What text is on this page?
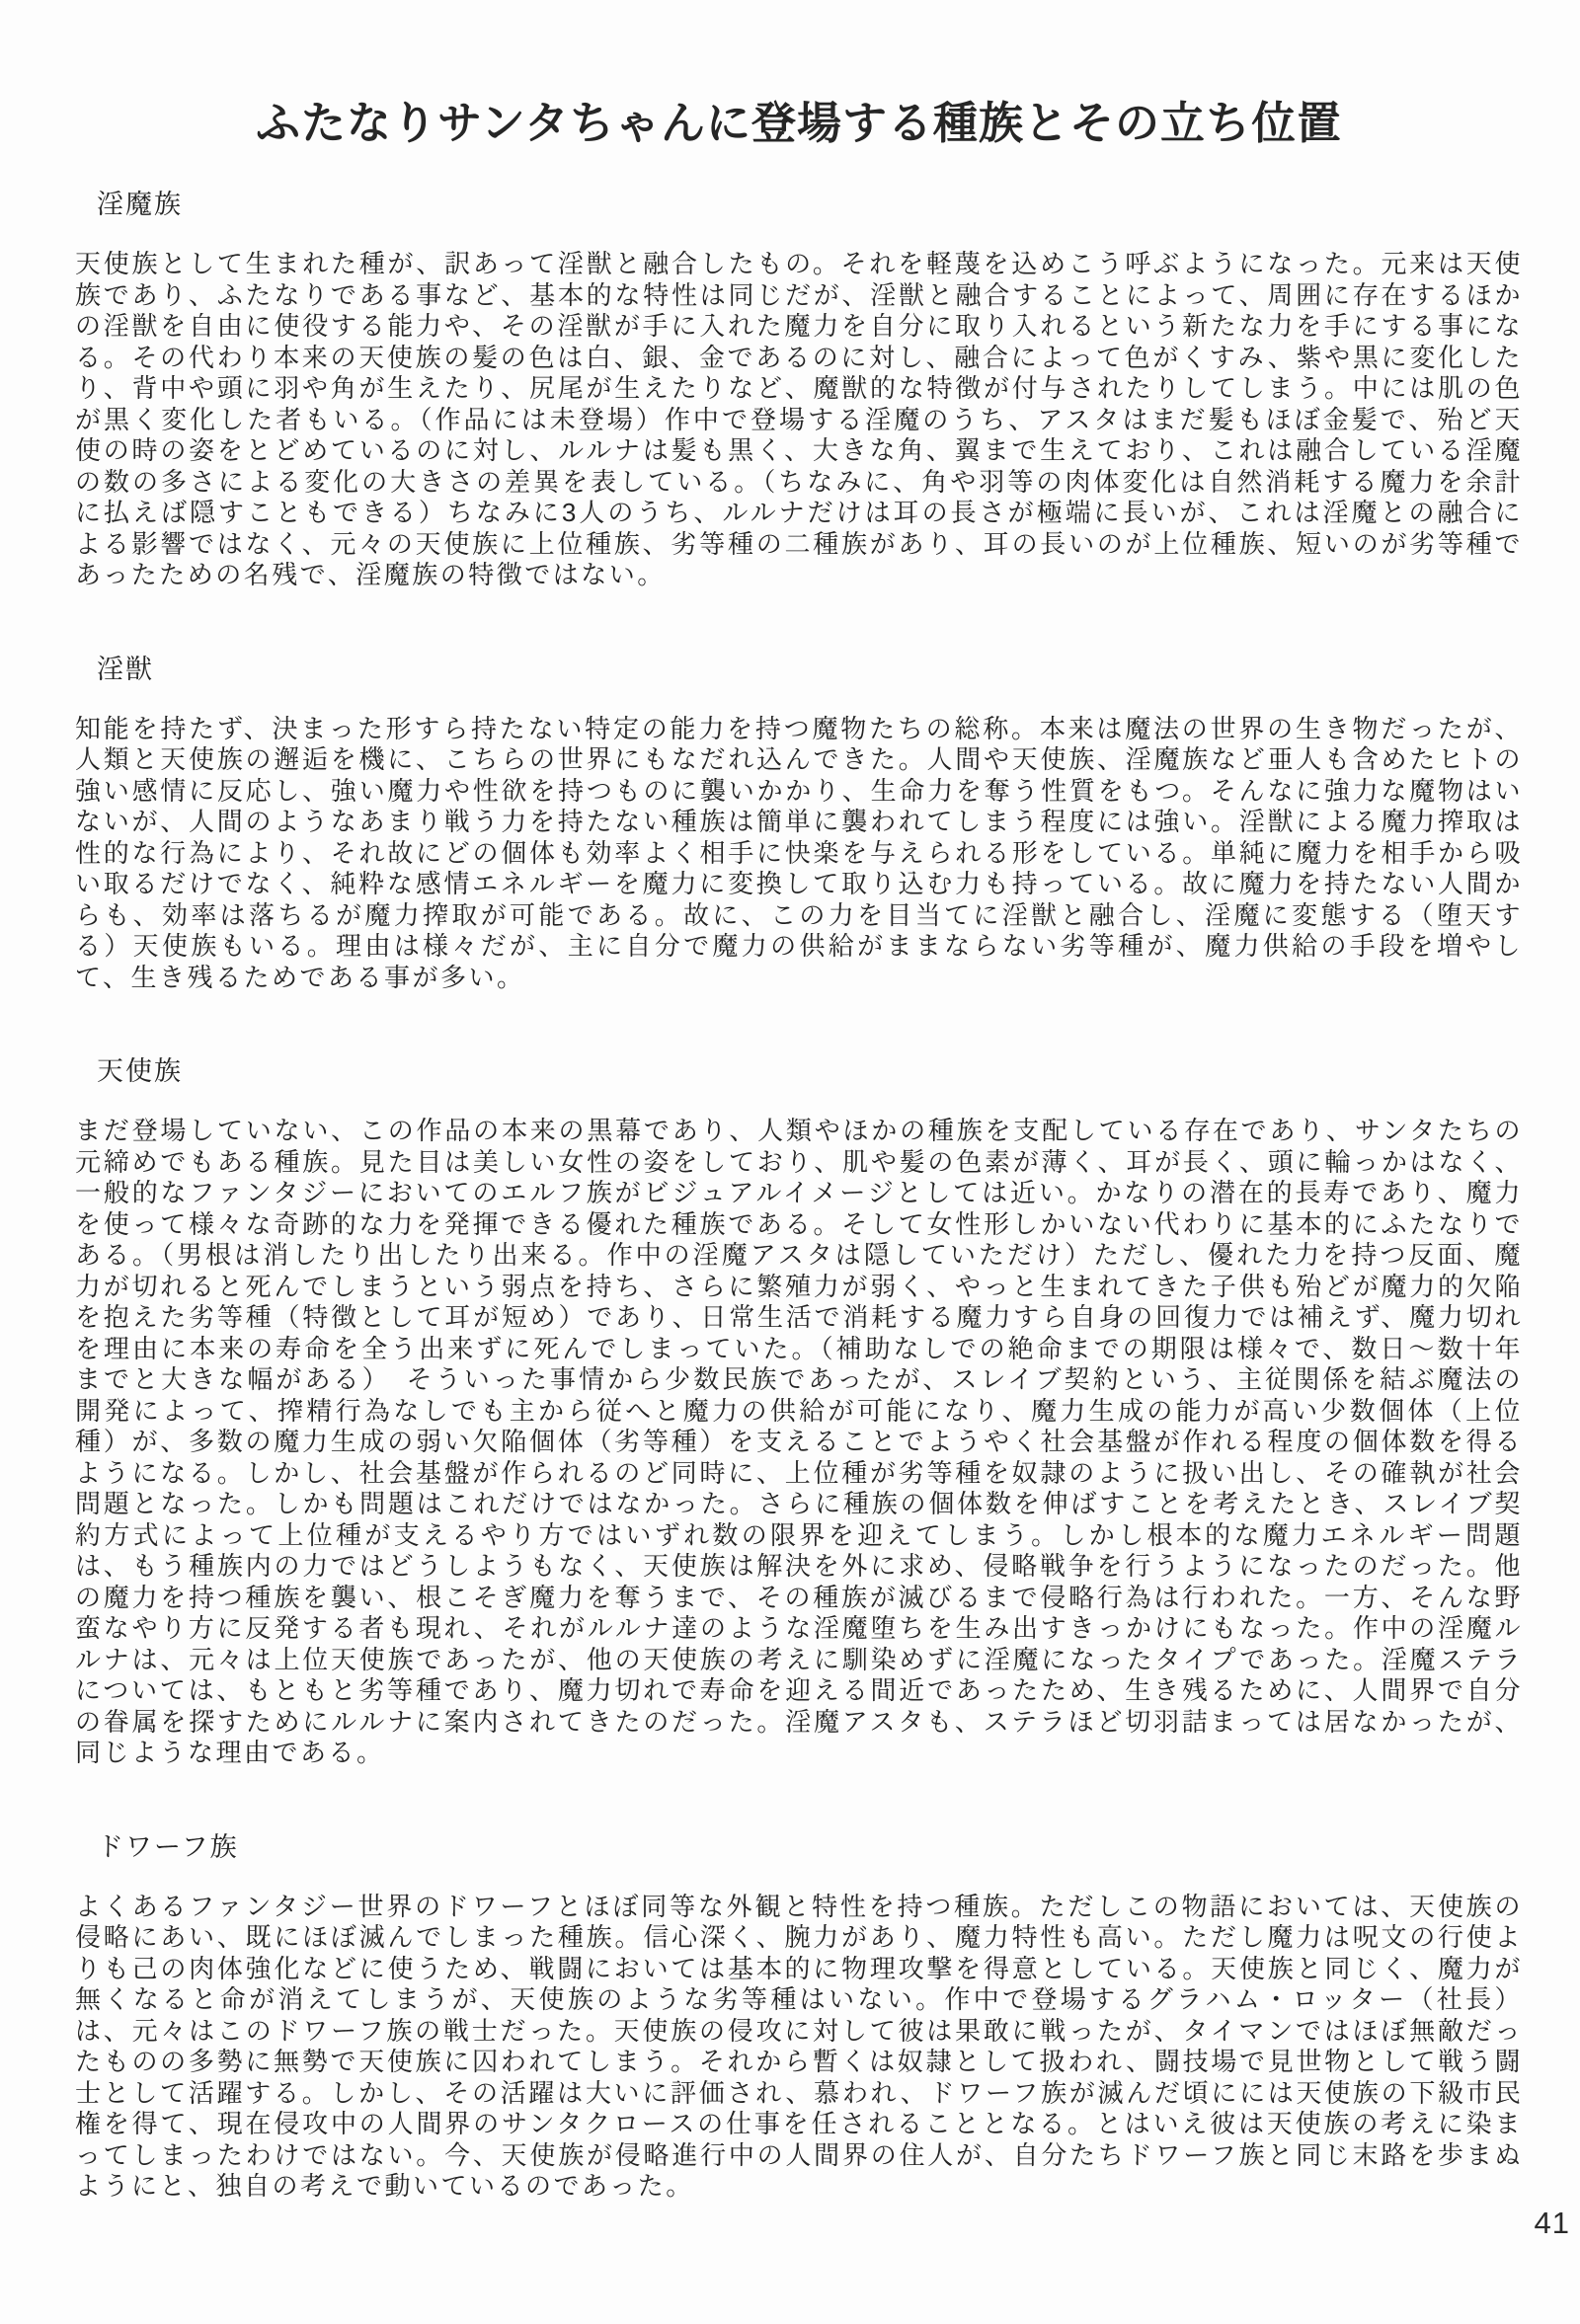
ふたなりサンタちゃんに登場する種族とその立ち位置
淫魔族

天使族として生まれた種が、訳あって淫獣と融合したもの。それを軽蔑を込めこう呼ぶようになった。元来は天使族であり、ふたなりである事など、基本的な特性は同じだが、淫獣と融合することによって、周囲に存在するほかの淫獣を自由に使役する能力や、その淫獣が手に入れた魔力を自分に取り入れるという新たな力を手にする事になる。その代わり本来の天使族の髪の色は白、銀、金であるのに対し、融合によって色がくすみ、紫や黒に変化したり、背中や頭に羽や角が生えたり、尻尾が生えたりなど、魔獣的な特徴が付与されたりしてしまう。中には肌の色が黒く変化した者もいる。（作品には未登場）作中で登場する淫魔のうち、アスタはまだ髪もほぼ金髪で、殆ど天使の時の姿をとどめているのに対し、ルルナは髪も黒く、大きな角、翼まで生えており、これは融合している淫魔の数の多さによる変化の大きさの差異を表している。（ちなみに、角や羽等の肉体変化は自然消耗する魔力を余計に払えば隠すこともできる）ちなみに3人のうち、ルルナだけは耳の長さが極端に長いが、これは淫魔との融合による影響ではなく、元々の天使族に上位種族、劣等種の二種族があり、耳の長いのが上位種族、短いのが劣等種であったための名残で、淫魔族の特徴ではない。

淫獣

知能を持たず、決まった形すら持たない特定の能力を持つ魔物たちの総称。本来は魔法の世界の生き物だったが、人類と天使族の邂逅を機に、こちらの世界にもなだれ込んできた。人間や天使族、淫魔族など亜人も含めたヒトの強い感情に反応し、強い魔力や性欲を持つものに襲いかかり、生命力を奪う性質をもつ。そんなに強力な魔物はいないが、人間のようなあまり戦う力を持たない種族は簡単に襲われてしまう程度には強い。淫獣による魔力搾取は性的な行為により、それ故にどの個体も効率よく相手に快楽を与えられる形をしている。単純に魔力を相手から吸い取るだけでなく、純粋な感情エネルギーを魔力に変換して取り込む力も持っている。故に魔力を持たない人間からも、効率は落ちるが魔力搾取が可能である。故に、この力を目当てに淫獣と融合し、淫魔に変態する（堕天する）天使族もいる。理由は様々だが、主に自分で魔力の供給がままならない劣等種が、魔力供給の手段を増やして、生き残るためである事が多い。

天使族

まだ登場していない、この作品の本来の黒幕であり、人類やほかの種族を支配している存在であり、サンタたちの元締めでもある種族。見た目は美しい女性の姿をしており、肌や髪の色素が薄く、耳が長く、頭に輪っかはなく、一般的なファンタジーにおいてのエルフ族がビジュアルイメージとしては近い。かなりの潜在的長寿であり、魔力を使って様々な奇跡的な力を発揮できる優れた種族である。そして女性形しかいない代わりに基本的にふたなりである。（男根は消したり出したり出来る。作中の淫魔アスタは隠していただけ）ただし、優れた力を持つ反面、魔力が切れると死んでしまうという弱点を持ち、さらに繁殖力が弱く、やっと生まれてきた子供も殆どが魔力的欠陥を抱えた劣等種（特徴として耳が短め）であり、日常生活で消耗する魔力すら自身の回復力では補えず、魔力切れを理由に本来の寿命を全う出来ずに死んでしまっていた。（補助なしでの絶命までの期限は様々で、数日～数十年までと大きな幅がある）　そういった事情から少数民族であったが、スレイブ契約という、主従関係を結ぶ魔法の開発によって、搾精行為なしでも主から従へと魔力の供給が可能になり、魔力生成の能力が高い少数個体（上位種）が、多数の魔力生成の弱い欠陥個体（劣等種）を支えることでようやく社会基盤が作れる程度の個体数を得るようになる。しかし、社会基盤が作られるのど同時に、上位種が劣等種を奴隷のように扱い出し、その確執が社会問題となった。しかも問題はこれだけではなかった。さらに種族の個体数を伸ばすことを考えたとき、スレイブ契約方式によって上位種が支えるやり方ではいずれ数の限界を迎えてしまう。しかし根本的な魔力エネルギー問題は、もう種族内の力ではどうしようもなく、天使族は解決を外に求め、侵略戦争を行うようになったのだった。他の魔力を持つ種族を襲い、根こそぎ魔力を奪うまで、その種族が滅びるまで侵略行為は行われた。一方、そんな野蛮なやり方に反発する者も現れ、それがルルナ達のような淫魔堕ちを生み出すきっかけにもなった。作中の淫魔ルルナは、元々は上位天使族であったが、他の天使族の考えに馴染めずに淫魔になったタイプであった。淫魔ステラについては、もともと劣等種であり、魔力切れで寿命を迎える間近であったため、生き残るために、人間界で自分の眷属を探すためにルルナに案内されてきたのだった。淫魔アスタも、ステラほど切羽詰まっては居なかったが、同じような理由である。

ドワーフ族

よくあるファンタジー世界のドワーフとほぼ同等な外観と特性を持つ種族。ただしこの物語においては、天使族の侵略にあい、既にほぼ滅んでしまった種族。信心深く、腕力があり、魔力特性も高い。ただし魔力は呪文の行使よりも己の肉体強化などに使うため、戦闘においては基本的に物理攻撃を得意としている。天使族と同じく、魔力が無くなると命が消えてしまうが、天使族のような劣等種はいない。作中で登場するグラハム・ロッター（社長）は、元々はこのドワーフ族の戦士だった。天使族の侵攻に対して彼は果敢に戦ったが、タイマンではほぼ無敵だったものの多勢に無勢で天使族に囚われてしまう。それから暫くは奴隷として扱われ、闘技場で見世物として戦う闘士として活躍する。しかし、その活躍は大いに評価され、慕われ、ドワーフ族が滅んだ頃にには天使族の下級市民権を得て、現在侵攻中の人間界のサンタクロースの仕事を任されることとなる。とはいえ彼は天使族の考えに染まってしまったわけではない。今、天使族が侵略進行中の人間界の住人が、自分たちドワーフ族と同じ末路を歩まぬようにと、独自の考えで動いているのであった。

41
